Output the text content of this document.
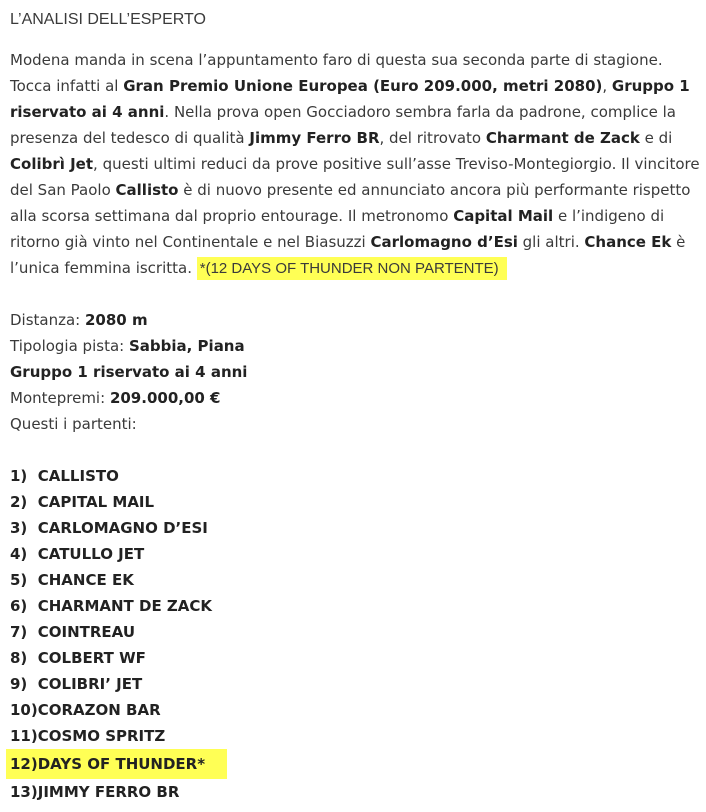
L’ANALISI DELL’ESPERTO

Modena manda in scena l’appuntamento faro di questa sua seconda parte di stagione. Tocca infatti al Gran Premio Unione Europea (Euro 209.000, metri 2080), Gruppo 1 riservato ai 4 anni. Nella prova open Gocciadoro sembra farla da padrone, complice la presenza del tedesco di qualità Jimmy Ferro BR, del ritrovato Charmant de Zack e di Colibrì Jet, questi ultimi reduci da prove positive sull’asse Treviso-Montegiorgio. Il vincitore del San Paolo Callisto è di nuovo presente ed annunciato ancora più performante rispetto alla scorsa settimana dal proprio entourage. Il metronomo Capital Mail e l’indigeno di ritorno già vinto nel Continentale e nel Biasuzzi Carlomagno d’Esi gli altri. Chance Ek è l’unica femmina iscritta. *(12 DAYS OF THUNDER NON PARTENTE)

Distanza: 2080 m
Tipologia pista: Sabbia, Piana
Gruppo 1 riservato ai 4 anni
Montepremi: 209.000,00 €
Questi i partenti:
1) CALLISTO
2) CAPITAL MAIL
3) CARLOMAGNO D’ESI
4) CATULLO JET
5) CHANCE EK
6) CHARMANT DE ZACK
7) COINTREAU
8) COLBERT WF
9) COLIBRI’ JET
10)CORAZON BAR
11)COSMO SPRITZ
12)DAYS OF THUNDER*
13)JIMMY FERRO BR
